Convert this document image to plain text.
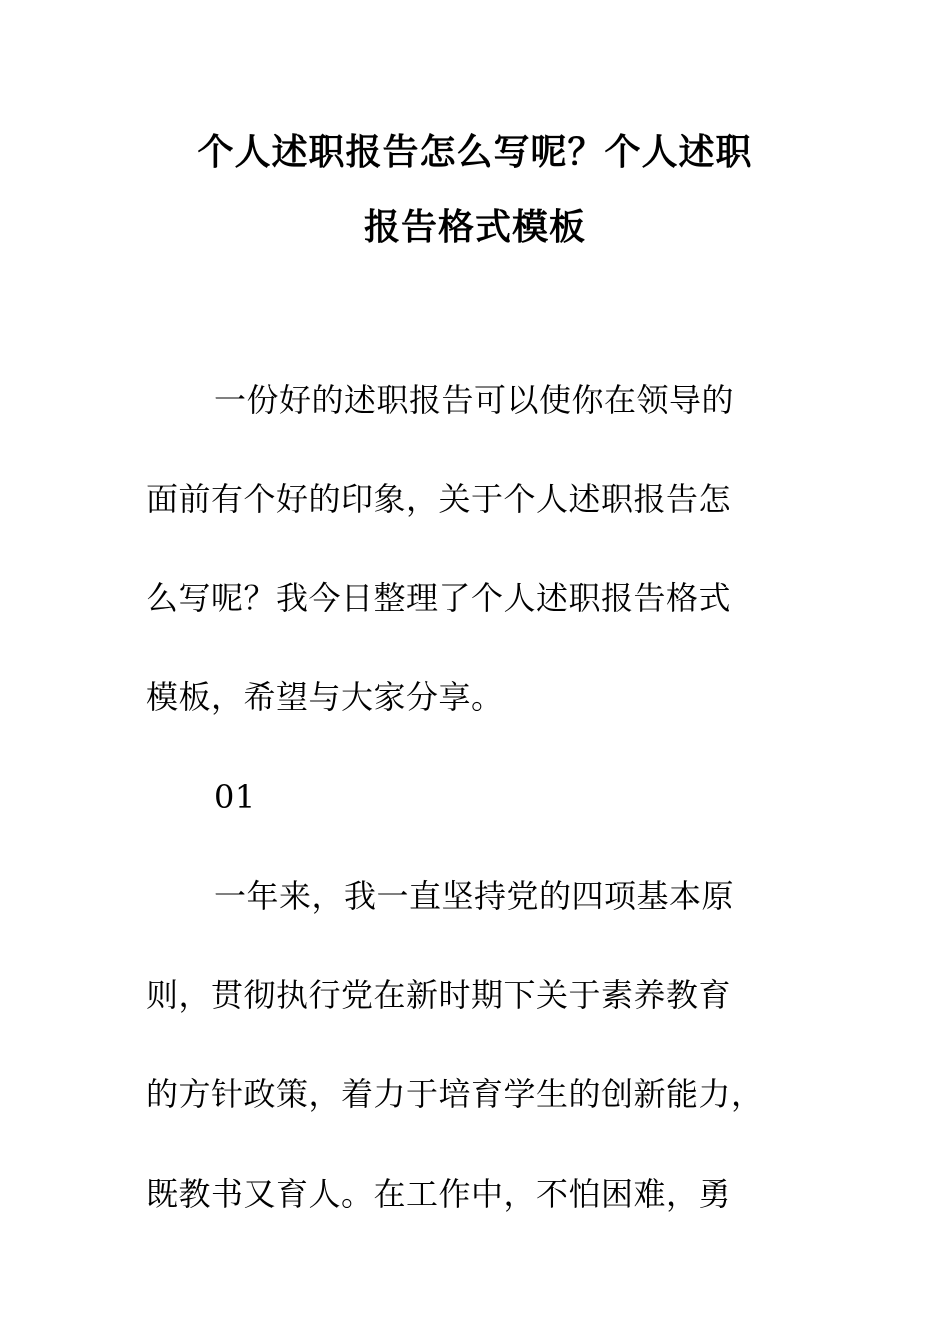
个人述职报告怎么写呢？个人述职
报告格式模板
一份好的述职报告可以使你在领导的
面前有个好的印象，关于个人述职报告怎
么写呢？我今日整理了个人述职报告格式
模板，希望与大家分享。
01
一年来，我一直坚持党的四项基本原
则，贯彻执行党在新时期下关于素养教育
的方针政策，着力于培育学生的创新能力，
既教书又育人。在工作中，不怕困难，勇
